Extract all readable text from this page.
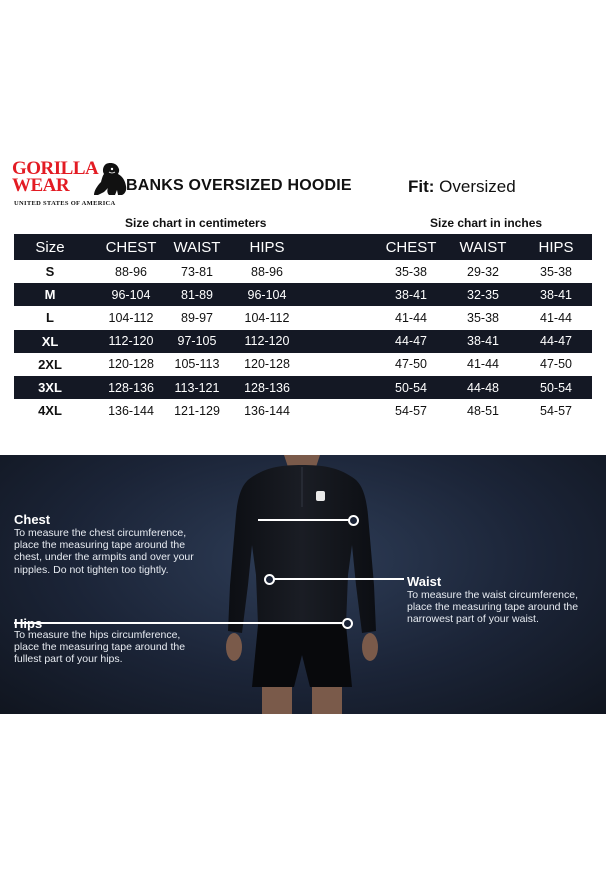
GORILLA
WEAR
UNITED STATES OF AMERICA
BANKS OVERSIZED HOODIE	Fit: Oversized
Size chart in centimeters	Size chart in inches
Size	CHEST	WAIST	HIPS	CHEST	WAIST	HIPS
S	88-96	73-81	88-96	35-38	29-32	35-38
M	96-104	81-89	96-104	38-41	32-35	38-41
L	104-112	89-97	104-112	41-44	35-38	41-44
XL	112-120	97-105	112-120	44-47	38-41	44-47
2XL	120-128	105-113	120-128	47-50	41-44	47-50
3XL	128-136	113-121	128-136	50-54	44-48	50-54
4XL	136-144	121-129	136-144	54-57	48-51	54-57
Chest
To measure the chest circumference, place the measuring tape around the chest, under the armpits and over your nipples. Do not tighten too tightly.
Waist
To measure the waist circumference, place the measuring tape around the narrowest part of your waist.
To measure the hips circumference, place the measuring tape around the fullest part of your hips.
